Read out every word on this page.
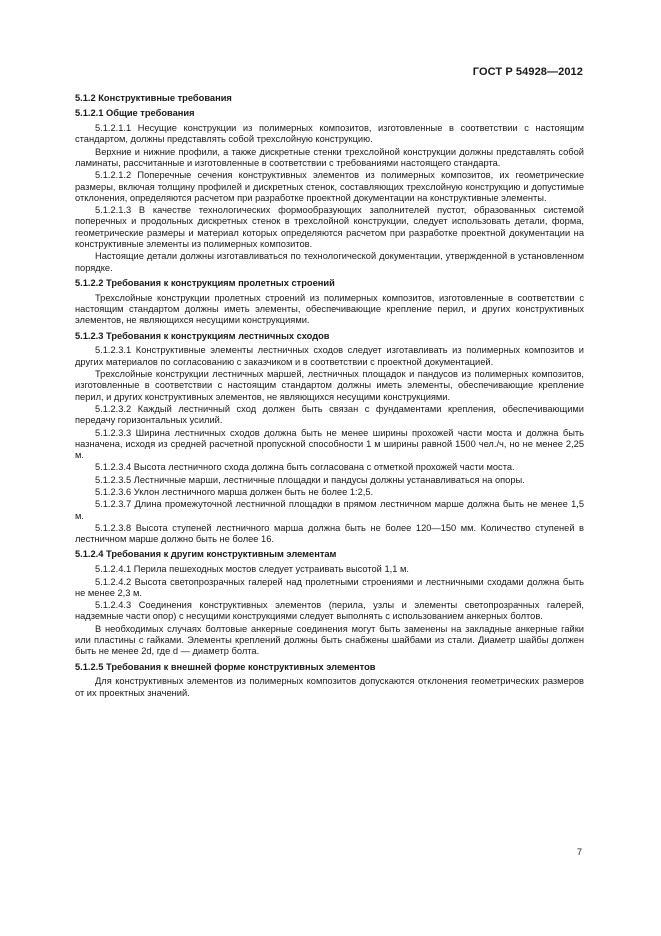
ГОСТ Р 54928—2012
5.1.2 Конструктивные требования
5.1.2.1 Общие требования
5.1.2.1.1 Несущие конструкции из полимерных композитов, изготовленные в соответствии с настоящим стандартом, должны представлять собой трехслойную конструкцию.
Верхние и нижние профили, а также дискретные стенки трехслойной конструкции должны представлять собой ламинаты, рассчитанные и изготовленные в соответствии с требованиями настоящего стандарта.
5.1.2.1.2 Поперечные сечения конструктивных элементов из полимерных композитов, их геометрические размеры, включая толщину профилей и дискретных стенок, составляющих трехслойную конструкцию и допустимые отклонения, определяются расчетом при разработке проектной документации на конструктивные элементы.
5.1.2.1.3 В качестве технологических формообразующих заполнителей пустот, образованных системой поперечных и продольных дискретных стенок в трехслойной конструкции, следует использовать детали, форма, геометрические размеры и материал которых определяются расчетом при разработке проектной документации на конструктивные элементы из полимерных композитов.
Настоящие детали должны изготавливаться по технологической документации, утвержденной в установленном порядке.
5.1.2.2 Требования к конструкциям пролетных строений
Трехслойные конструкции пролетных строений из полимерных композитов, изготовленные в соответствии с настоящим стандартом должны иметь элементы, обеспечивающие крепление перил, и других конструктивных элементов, не являющихся несущими конструкциями.
5.1.2.3 Требования к конструкциям лестничных сходов
5.1.2.3.1 Конструктивные элементы лестничных сходов следует изготавливать из полимерных композитов и других материалов по согласованию с заказчиком и в соответствии с проектной документацией.
Трехслойные конструкции лестничных маршей, лестничных площадок и пандусов из полимерных композитов, изготовленные в соответствии с настоящим стандартом должны иметь элементы, обеспечивающие крепление перил, и других конструктивных элементов, не являющихся несущими конструкциями.
5.1.2.3.2 Каждый лестничный сход должен быть связан с фундаментами крепления, обеспечивающими передачу горизонтальных усилий.
5.1.2.3.3 Ширина лестничных сходов должна быть не менее ширины прохожей части моста и должна быть назначена, исходя из средней расчетной пропускной способности 1 м ширины равной 1500 чел./ч, но не менее 2,25 м.
5.1.2.3.4 Высота лестничного схода должна быть согласована с отметкой прохожей части моста.
5.1.2.3.5 Лестничные марши, лестничные площадки и пандусы должны устанавливаться на опоры.
5.1.2.3.6 Уклон лестничного марша должен быть не более 1:2,5.
5.1.2.3.7 Длина промежуточной лестничной площадки в прямом лестничном марше должна быть не менее 1,5 м.
5.1.2.3.8 Высота ступеней лестничного марша должна быть не более 120—150 мм. Количество ступеней в лестничном марше должно быть не более 16.
5.1.2.4 Требования к другим конструктивным элементам
5.1.2.4.1 Перила пешеходных мостов следует устраивать высотой 1,1 м.
5.1.2.4.2 Высота светопрозрачных галерей над пролетными строениями и лестничными сходами должна быть не менее 2,3 м.
5.1.2.4.3 Соединения конструктивных элементов (перила, узлы и элементы светопрозрачных галерей, надземные части опор) с несущими конструкциями следует выполнять с использованием анкерных болтов.
В необходимых случаях болтовые анкерные соединения могут быть заменены на закладные анкерные гайки или пластины с гайками. Элементы креплений должны быть снабжены шайбами из стали. Диаметр шайбы должен быть не менее 2d, где d — диаметр болта.
5.1.2.5 Требования к внешней форме конструктивных элементов
Для конструктивных элементов из полимерных композитов допускаются отклонения геометрических размеров от их проектных значений.
7
